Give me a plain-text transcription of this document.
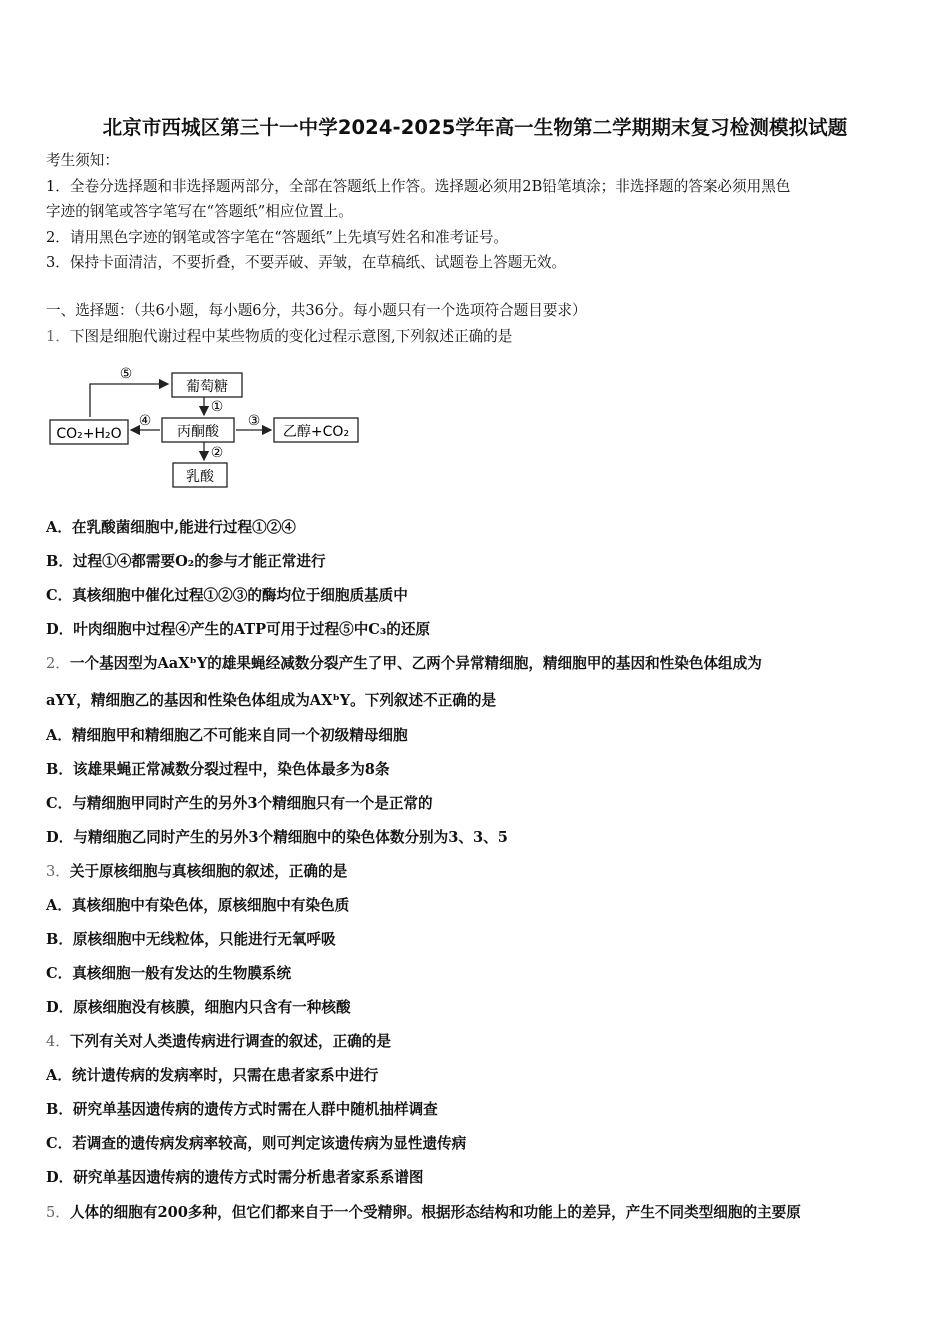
北京市西城区第三十一中学2024-2025学年高一生物第二学期期末复习检测模拟试题
考生须知：
1．全卷分选择题和非选择题两部分，全部在答题纸上作答。选择题必须用2B铅笔填涂；非选择题的答案必须用黑色
字迹的钢笔或答字笔写在“答题纸”相应位置上。
2．请用黑色字迹的钢笔或答字笔在“答题纸”上先填写姓名和准考证号。
3．保持卡面清洁，不要折叠，不要弄破、弄皱，在草稿纸、试题卷上答题无效。
一、选择题：（共6小题，每小题6分，共36分。每小题只有一个选项符合题目要求）
1．下图是细胞代谢过程中某些物质的变化过程示意图,下列叙述正确的是
葡萄糖
丙酮酸
CO₂+H₂O	乙醇+CO₂
乳酸
⑤
①
④	③
②
A．在乳酸菌细胞中,能进行过程①②④
B．过程①④都需要O₂的参与才能正常进行
C．真核细胞中催化过程①②③的酶均位于细胞质基质中
D．叶肉细胞中过程④产生的ATP可用于过程⑤中C₃的还原
2．一个基因型为AaXᵇY的雄果蝇经减数分裂产生了甲、乙两个异常精细胞，精细胞甲的基因和性染色体组成为
aYY，精细胞乙的基因和性染色体组成为AXᵇY。下列叙述不正确的是
A．精细胞甲和精细胞乙不可能来自同一个初级精母细胞
B．该雄果蝇正常减数分裂过程中，染色体最多为8条
C．与精细胞甲同时产生的另外3个精细胞只有一个是正常的
D．与精细胞乙同时产生的另外3个精细胞中的染色体数分别为3、3、5
3．关于原核细胞与真核细胞的叙述，正确的是
A．真核细胞中有染色体，原核细胞中有染色质
B．原核细胞中无线粒体，只能进行无氧呼吸
C．真核细胞一般有发达的生物膜系统
D．原核细胞没有核膜，细胞内只含有一种核酸
4．下列有关对人类遗传病进行调查的叙述，正确的是
A．统计遗传病的发病率时，只需在患者家系中进行
B．研究单基因遗传病的遗传方式时需在人群中随机抽样调查
C．若调查的遗传病发病率较高，则可判定该遗传病为显性遗传病
D．研究单基因遗传病的遗传方式时需分析患者家系系谱图
5．人体的细胞有200多种，但它们都来自于一个受精卵。根据形态结构和功能上的差异，产生不同类型细胞的主要原
